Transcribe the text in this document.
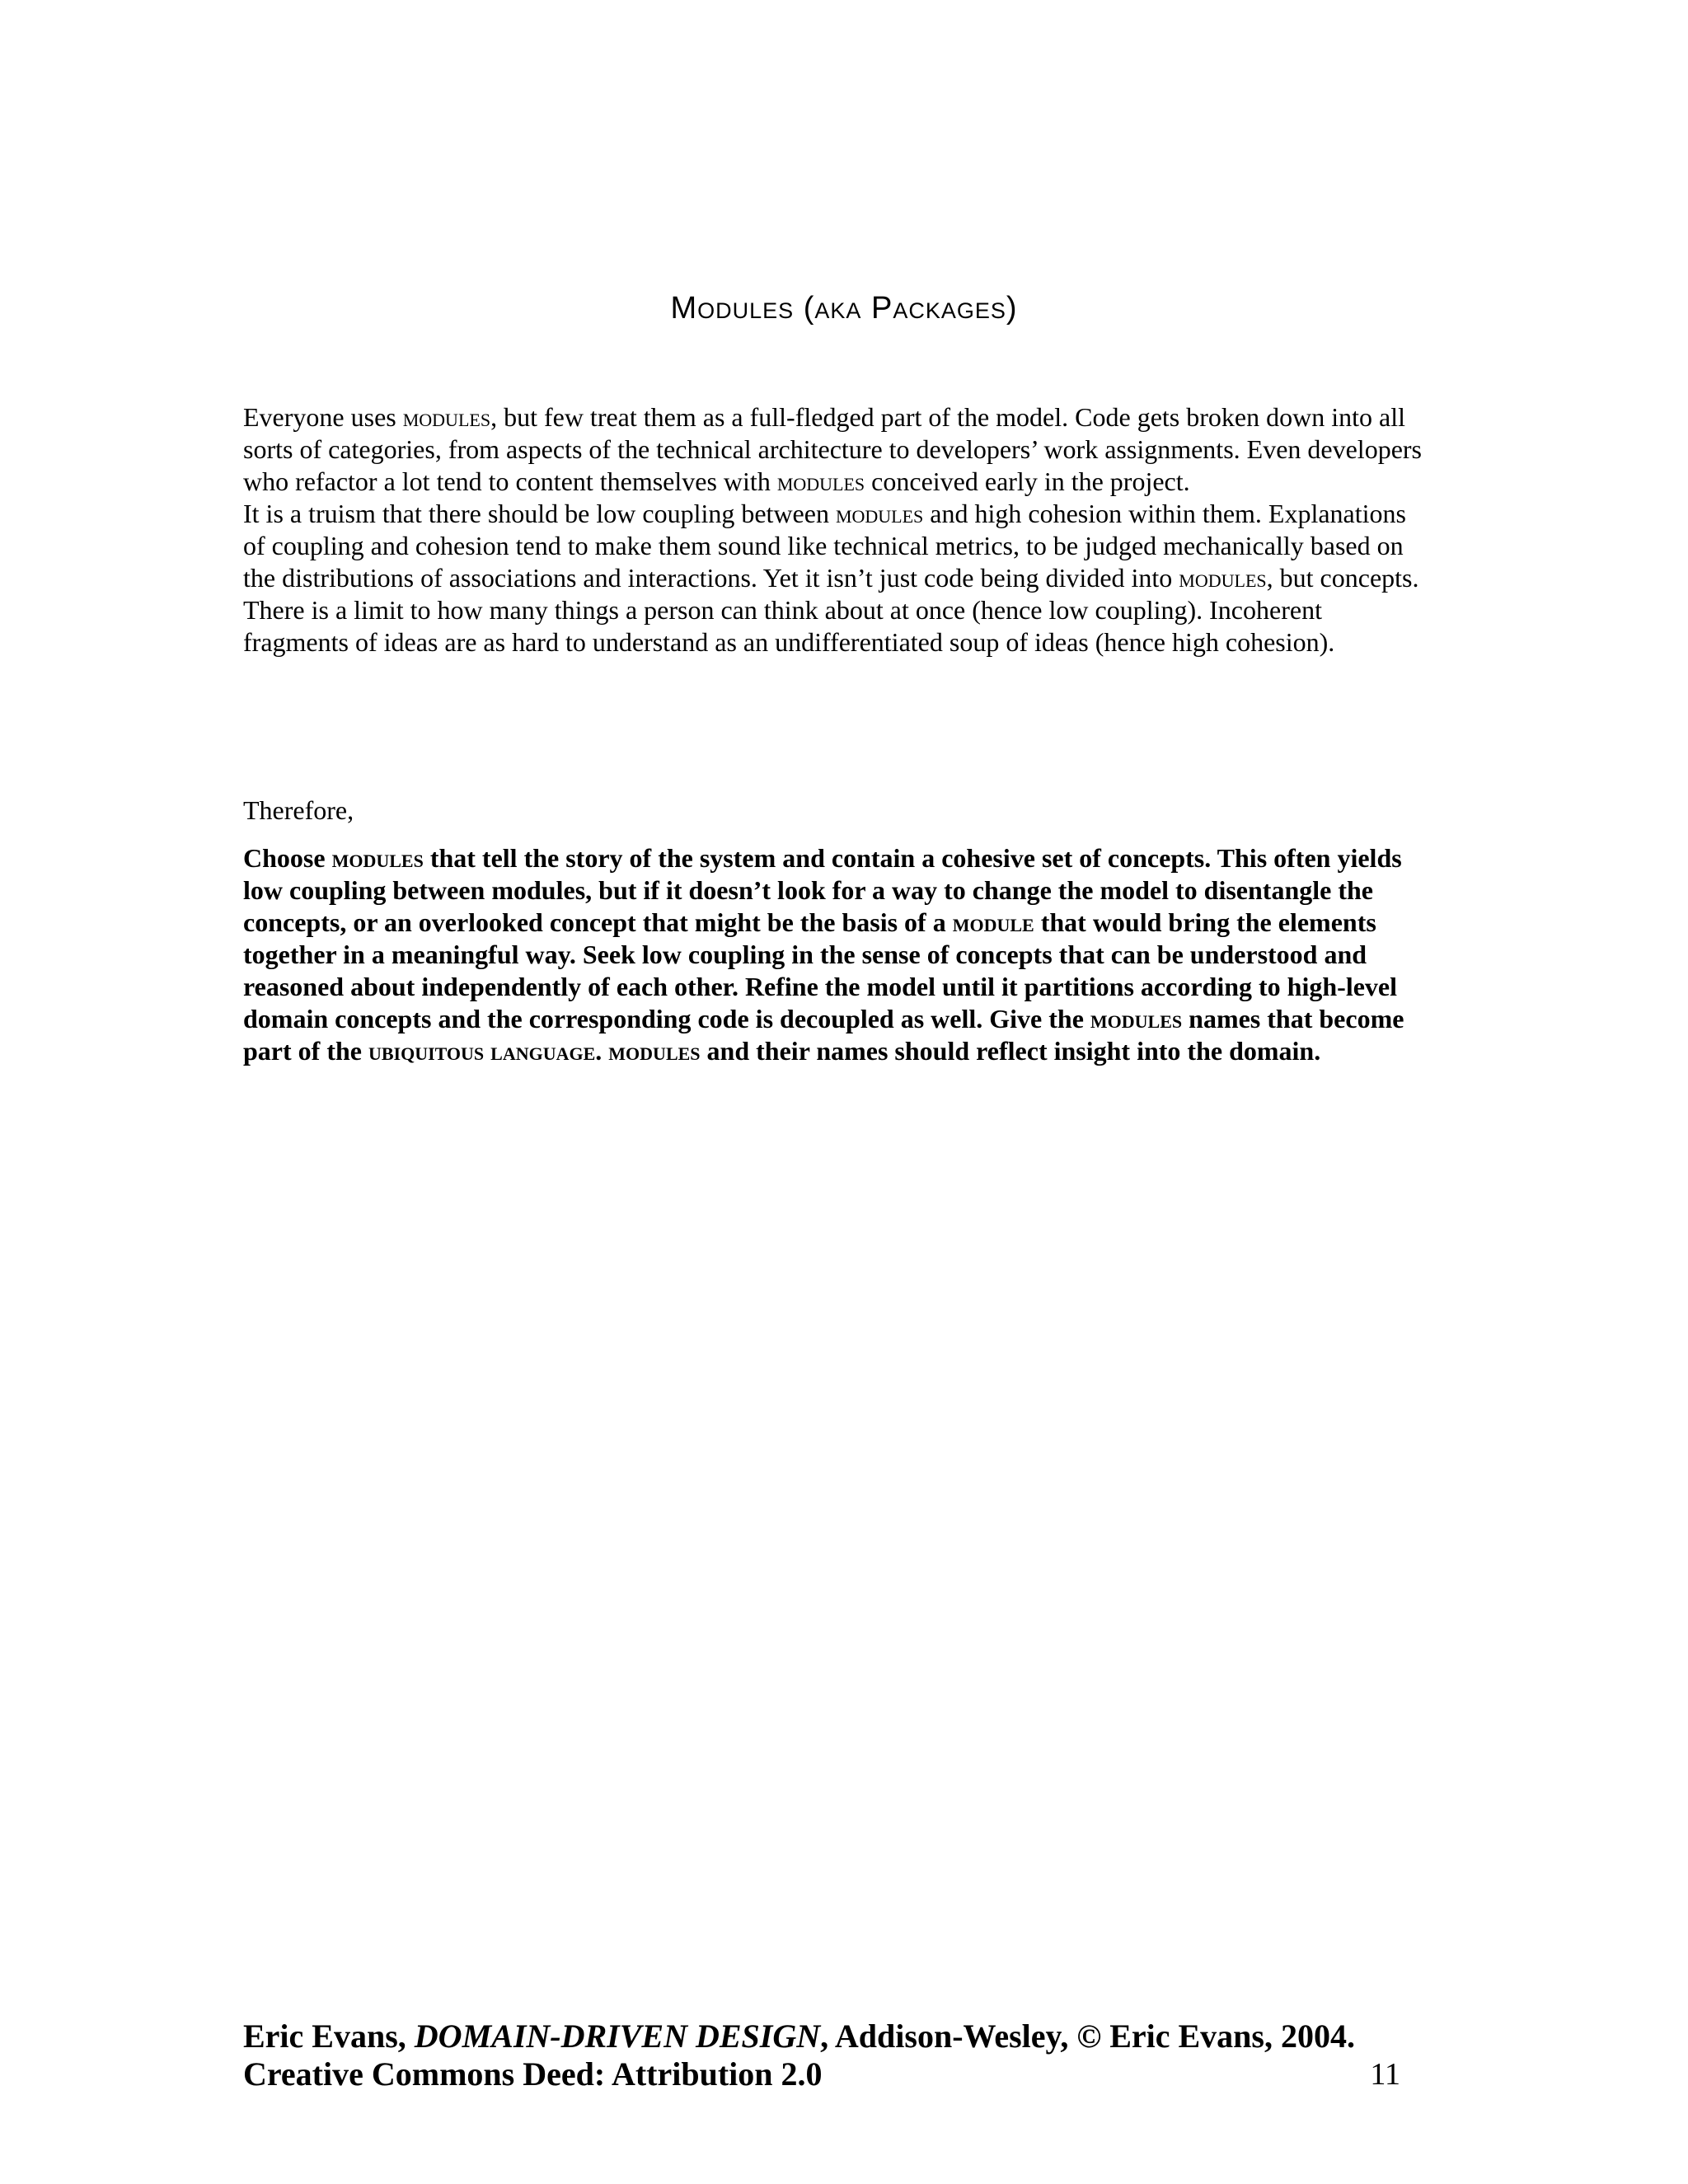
Modules (aka Packages)

Everyone uses modules, but few treat them as a full-fledged part of the model. Code gets broken down into all sorts of categories, from aspects of the technical architecture to developers’ work assignments. Even developers who refactor a lot tend to content themselves with modules conceived early in the project.

It is a truism that there should be low coupling between modules and high cohesion within them. Explanations of coupling and cohesion tend to make them sound like technical metrics, to be judged mechanically based on the distributions of associations and interactions. Yet it isn’t just code being divided into modules, but concepts. There is a limit to how many things a person can think about at once (hence low coupling). Incoherent fragments of ideas are as hard to understand as an undifferentiated soup of ideas (hence high cohesion).

Therefore,

Choose modules that tell the story of the system and contain a cohesive set of concepts. This often yields low coupling between modules, but if it doesn’t look for a way to change the model to disentangle the concepts, or an overlooked concept that might be the basis of a module that would bring the elements together in a meaningful way. Seek low coupling in the sense of concepts that can be understood and reasoned about independently of each other. Refine the model until it partitions according to high-level domain concepts and the corresponding code is decoupled as well. Give the modules names that become part of the ubiquitous language. modules and their names should reflect insight into the domain.

Eric Evans, DOMAIN-DRIVEN DESIGN, Addison-Wesley, © Eric Evans, 2004.
Creative Commons Deed: Attribution 2.0	11
